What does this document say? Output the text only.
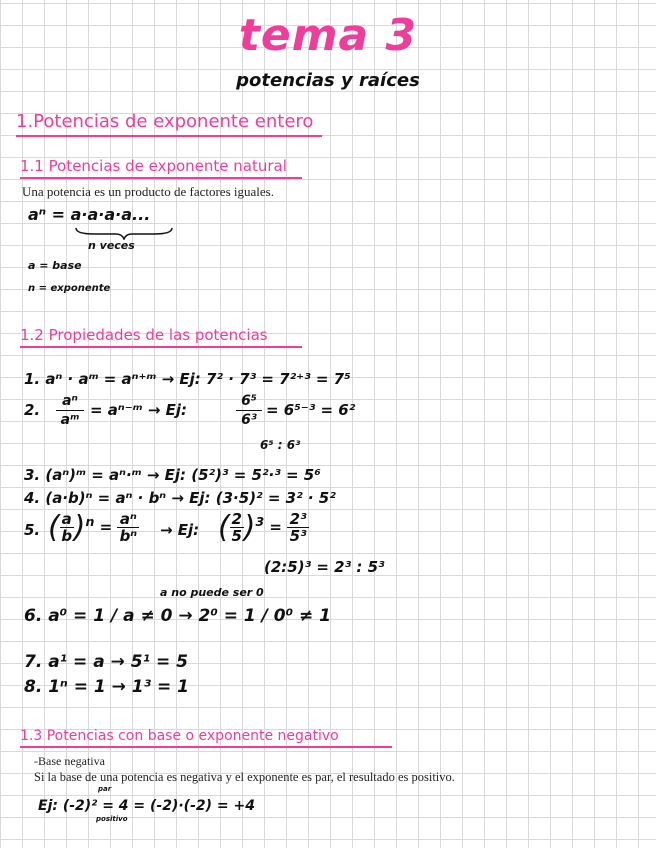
tema 3
potencias y raíces
1.Potencias de exponente entero
1.1 Potencias de exponente natural
Una potencia es un producto de factores iguales.
aⁿ = a·a·a·a...
n veces
a = base
n = exponente
1.2 Propiedades de las potencias
1. aⁿ · aᵐ = aⁿ⁺ᵐ → Ej: 7² · 7³ = 7²⁺³ = 7⁵
2.	aⁿ
aᵐ
= aⁿ⁻ᵐ → Ej:	6⁵
6³
= 6⁵⁻³ = 6²
6⁵ : 6³
3. (aⁿ)ᵐ = aⁿ·ᵐ → Ej: (5²)³ = 5²·³ = 5⁶
4. (a·b)ⁿ = aⁿ · bⁿ → Ej: (3·5)² = 3² · 5²
5. ( $\frac{a}{b} )^n = \frac{\text{aⁿ}}{\text{bⁿ}} \to Ej$: ( $\frac{2}{5} )^3 = \frac{\text{2³}}{\text{5³}}$
(2:5)³ = 2³ : 5³
a no puede ser 0
6. a⁰ = 1 / a ≠ 0 → 2⁰ = 1 / 0⁰ ≠ 1
7. a¹ = a → 5¹ = 5
8. 1ⁿ = 1 → 1³ = 1
1.3 Potencias con base o exponente negativo
-Base negativa
Si la base de una potencia es negativa y el exponente es par, el resultado es positivo.
Ej: (-2)² = 4 = (-2)·(-2) = +4
par
positivo
